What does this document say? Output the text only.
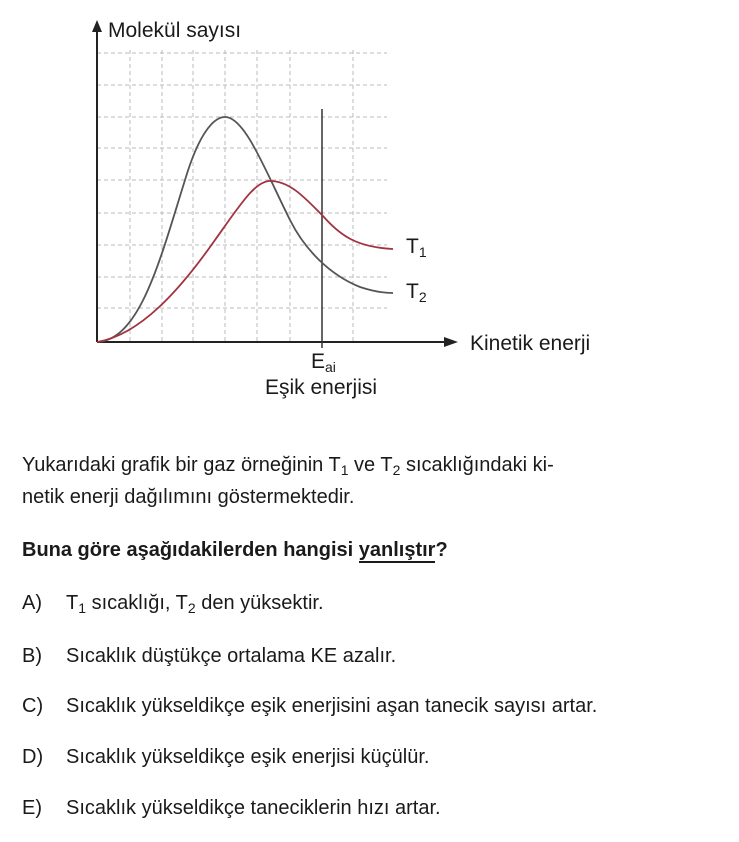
Molekül sayısı
Kinetik enerji
$T_1$
$T_2$
$E_{ai}$
Eşik enerjisi
Yukarıdaki grafik bir gaz örneğinin $T_1$ ve $T_2$ sıcaklığındaki ki-
netik enerji dağılımını göstermektedir.
Buna göre aşağıdakilerden hangisi yanlıştır?
A) $T_1$ sıcaklığı, $T_2$ den yüksektir.
B) Sıcaklık düştükçe ortalama KE azalır.
C) Sıcaklık yükseldikçe eşik enerjisini aşan tanecik sayısı artar.
D) Sıcaklık yükseldikçe eşik enerjisi küçülür.
E) Sıcaklık yükseldikçe taneciklerin hızı artar.
